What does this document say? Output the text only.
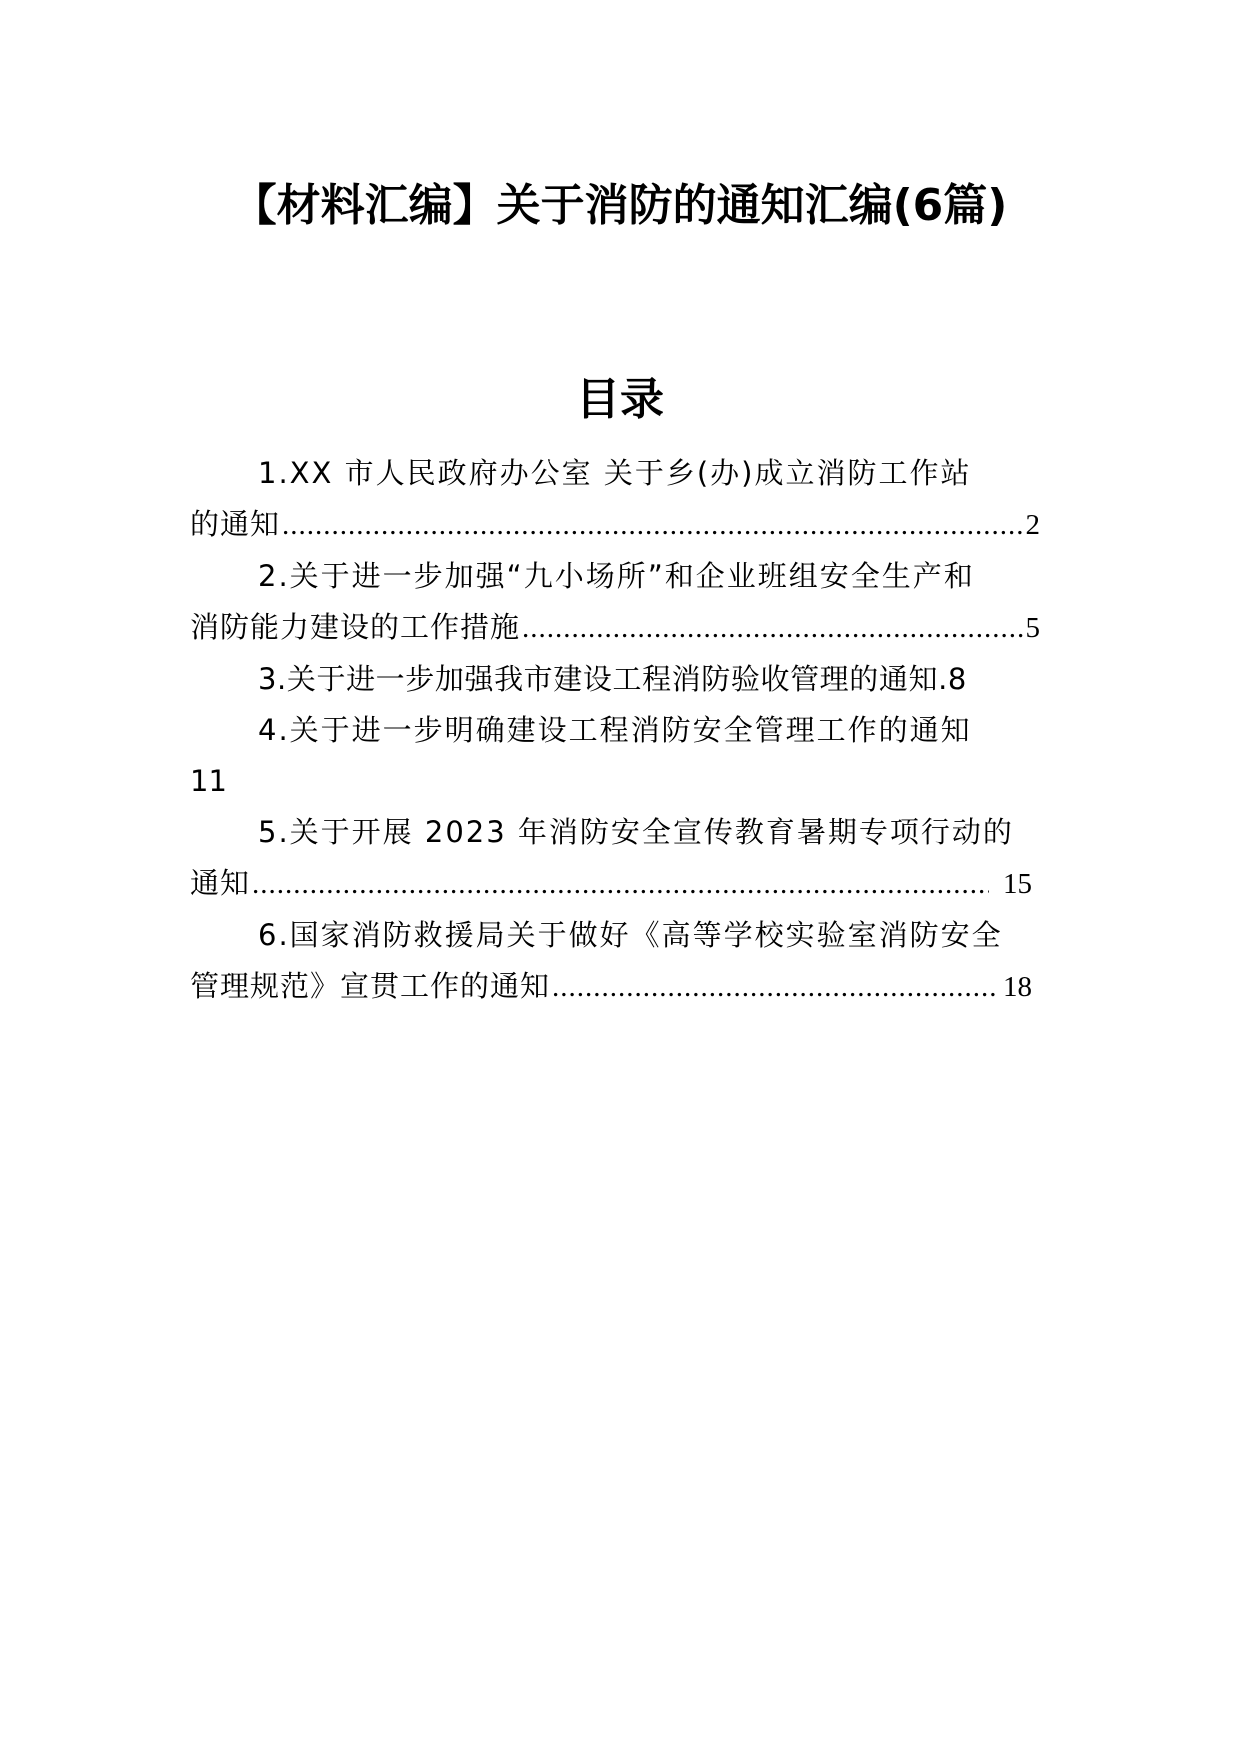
【材料汇编】关于消防的通知汇编(6篇)
目录
1.XX 市人民政府办公室 关于乡(办)成立消防工作站
的通知 .....	2
2.关于进一步加强“九小场所”和企业班组安全生产和
消防能力建设的工作措施 .....	5
3.关于进一步加强我市建设工程消防验收管理的通知.8
4.关于进一步明确建设工程消防安全管理工作的通知
11
5.关于开展 2023 年消防安全宣传教育暑期专项行动的
通知 .....	15
6.国家消防救援局关于做好《高等学校实验室消防安全
管理规范》宣贯工作的通知 .....	18
